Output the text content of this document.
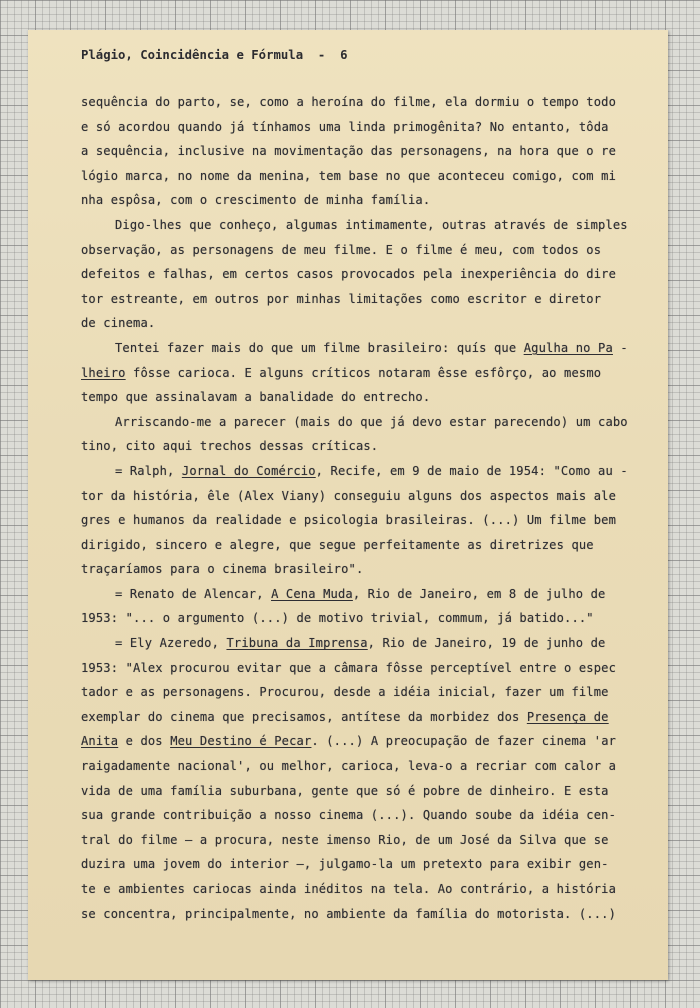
Plágio, Coincidência e Fórmula  -  6
sequência do parto, se, como a heroína do filme, ela dormiu o tempo todo
e só acordou quando já tínhamos uma linda primogênita? No entanto, tôda
a sequência, inclusive na movimentação das personagens, na hora que o re
lógio marca, no nome da menina, tem base no que aconteceu comigo, com mi
nha espôsa, com o crescimento de minha família.
Digo-lhes que conheço, algumas intimamente, outras através de simples
observação, as personagens de meu filme. E o filme é meu, com todos os
defeitos e falhas, em certos casos provocados pela inexperiência do dire
tor estreante, em outros por minhas limitações como escritor e diretor
de cinema.
Tentei fazer mais do que um filme brasileiro: quís que Agulha no Pa -
lheiro fôsse carioca. E alguns críticos notaram êsse esfôrço, ao mesmo
tempo que assinalavam a banalidade do entrecho.
Arriscando-me a parecer (mais do que já devo estar parecendo) um cabo
tino, cito aqui trechos dessas críticas.
= Ralph, Jornal do Comércio, Recife, em 9 de maio de 1954: "Como au -
tor da história, êle (Alex Viany) conseguiu alguns dos aspectos mais ale
gres e humanos da realidade e psicologia brasileiras. (...) Um filme bem
dirigido, sincero e alegre, que segue perfeitamente as diretrizes que
traçaríamos para o cinema brasileiro".
= Renato de Alencar, A Cena Muda, Rio de Janeiro, em 8 de julho de
1953: "... o argumento (...) de motivo trivial, commum, já batido..."
= Ely Azeredo, Tribuna da Imprensa, Rio de Janeiro, 19 de junho de
1953: "Alex procurou evitar que a câmara fôsse perceptível entre o espec
tador e as personagens. Procurou, desde a idéia inicial, fazer um filme
exemplar do cinema que precisamos, antítese da morbidez dos Presença de
Anita e dos Meu Destino é Pecar. (...) A preocupação de fazer cinema 'ar
raigadamente nacional', ou melhor, carioca, leva-o a recriar com calor a
vida de uma família suburbana, gente que só é pobre de dinheiro. E esta
sua grande contribuição a nosso cinema (...). Quando soube da idéia cen-
tral do filme — a procura, neste imenso Rio, de um José da Silva que se
duzira uma jovem do interior —, julgamo-la um pretexto para exibir gen-
te e ambientes cariocas ainda inéditos na tela. Ao contrário, a história
se concentra, principalmente, no ambiente da família do motorista. (...)
